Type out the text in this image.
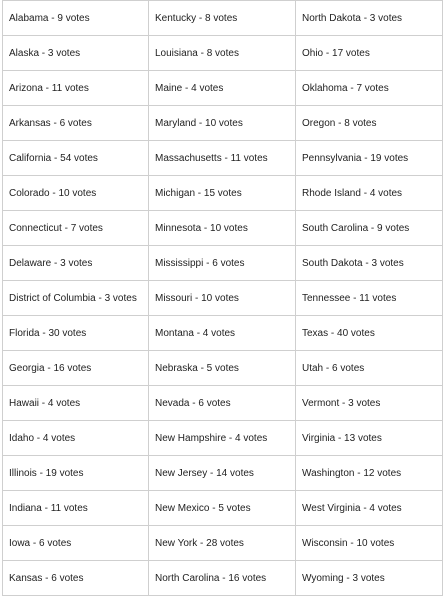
Alabama - 9 votes	Kentucky - 8 votes	North Dakota - 3 votes
Alaska - 3 votes	Louisiana - 8 votes	Ohio - 17 votes
Arizona - 11 votes	Maine - 4 votes	Oklahoma - 7 votes
Arkansas - 6 votes	Maryland - 10 votes	Oregon - 8 votes
California - 54 votes	Massachusetts - 11 votes	Pennsylvania - 19 votes
Colorado - 10 votes	Michigan - 15 votes	Rhode Island - 4 votes
Connecticut - 7 votes	Minnesota - 10 votes	South Carolina - 9 votes
Delaware - 3 votes	Mississippi - 6 votes	South Dakota - 3 votes
District of Columbia - 3 votes	Missouri - 10 votes	Tennessee - 11 votes
Florida - 30 votes	Montana - 4 votes	Texas - 40 votes
Georgia - 16 votes	Nebraska - 5 votes	Utah - 6 votes
Hawaii - 4 votes	Nevada - 6 votes	Vermont - 3 votes
Idaho - 4 votes	New Hampshire - 4 votes	Virginia - 13 votes
Illinois - 19 votes	New Jersey - 14 votes	Washington - 12 votes
Indiana - 11 votes	New Mexico - 5 votes	West Virginia - 4 votes
Iowa - 6 votes	New York - 28 votes	Wisconsin - 10 votes
Kansas - 6 votes	North Carolina - 16 votes	Wyoming - 3 votes
